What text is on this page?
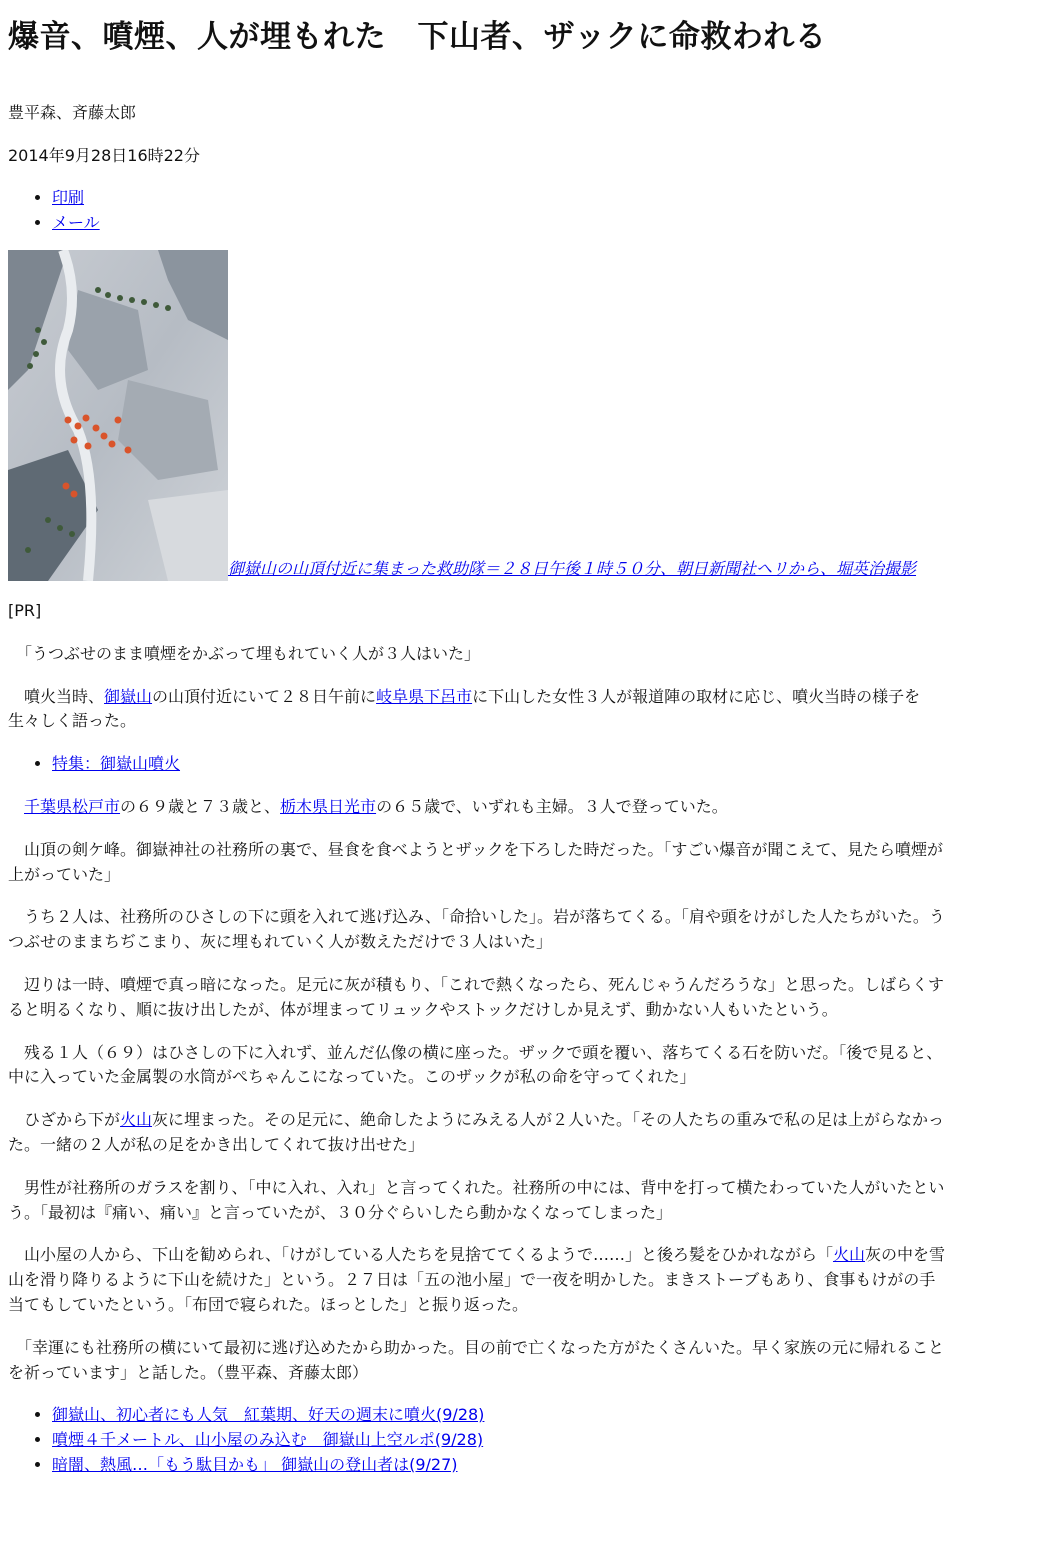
爆音、噴煙、人が埋もれた　下山者、ザックに命救われる

豊平森、斉藤太郎

2014年9月28日16時22分

• 印刷
• メール
御嶽山の山頂付近に集まった救助隊＝２８日午後１時５０分、朝日新聞社ヘリから、堀英治撮影

[PR]

　「うつぶせのまま噴煙をかぶって埋もれていく人が３人はいた」

　噴火当時、御嶽山の山頂付近にいて２８日午前に岐阜県下呂市に下山した女性３人が報道陣の取材に応じ、噴火当時の様子を生々しく語った。

• 特集：御嶽山噴火

　千葉県松戸市の６９歳と７３歳と、栃木県日光市の６５歳で、いずれも主婦。３人で登っていた。

　山頂の剣ケ峰。御嶽神社の社務所の裏で、昼食を食べようとザックを下ろした時だった。「すごい爆音が聞こえて、見たら噴煙が上がっていた」

　うち２人は、社務所のひさしの下に頭を入れて逃げ込み、「命拾いした」。岩が落ちてくる。「肩や頭をけがした人たちがいた。うつぶせのままちぢこまり、灰に埋もれていく人が数えただけで３人はいた」

　辺りは一時、噴煙で真っ暗になった。足元に灰が積もり、「これで熱くなったら、死んじゃうんだろうな」と思った。しばらくすると明るくなり、順に抜け出したが、体が埋まってリュックやストックだけしか見えず、動かない人もいたという。

　残る１人（６９）はひさしの下に入れず、並んだ仏像の横に座った。ザックで頭を覆い、落ちてくる石を防いだ。「後で見ると、中に入っていた金属製の水筒がぺちゃんこになっていた。このザックが私の命を守ってくれた」

　ひざから下が火山灰に埋まった。その足元に、絶命したようにみえる人が２人いた。「その人たちの重みで私の足は上がらなかった。一緒の２人が私の足をかき出してくれて抜け出せた」

　男性が社務所のガラスを割り、「中に入れ、入れ」と言ってくれた。社務所の中には、背中を打って横たわっていた人がいたという。「最初は『痛い、痛い』と言っていたが、３０分ぐらいしたら動かなくなってしまった」

　山小屋の人から、下山を勧められ、「けがしている人たちを見捨ててくるようで……」と後ろ髪をひかれながら「火山灰の中を雪山を滑り降りるように下山を続けた」という。２７日は「五の池小屋」で一夜を明かした。まきストーブもあり、食事もけがの手当てもしていたという。「布団で寝られた。ほっとした」と振り返った。

　「幸運にも社務所の横にいて最初に逃げ込めたから助かった。目の前で亡くなった方がたくさんいた。早く家族の元に帰れることを祈っています」と話した。（豊平森、斉藤太郎）

• 御嶽山、初心者にも人気　紅葉期、好天の週末に噴火(9/28)
• 噴煙４千メートル、山小屋のみ込む　御嶽山上空ルポ(9/28)
• 暗闇、熱風…「もう駄目かも」 御嶽山の登山者は(9/27)
